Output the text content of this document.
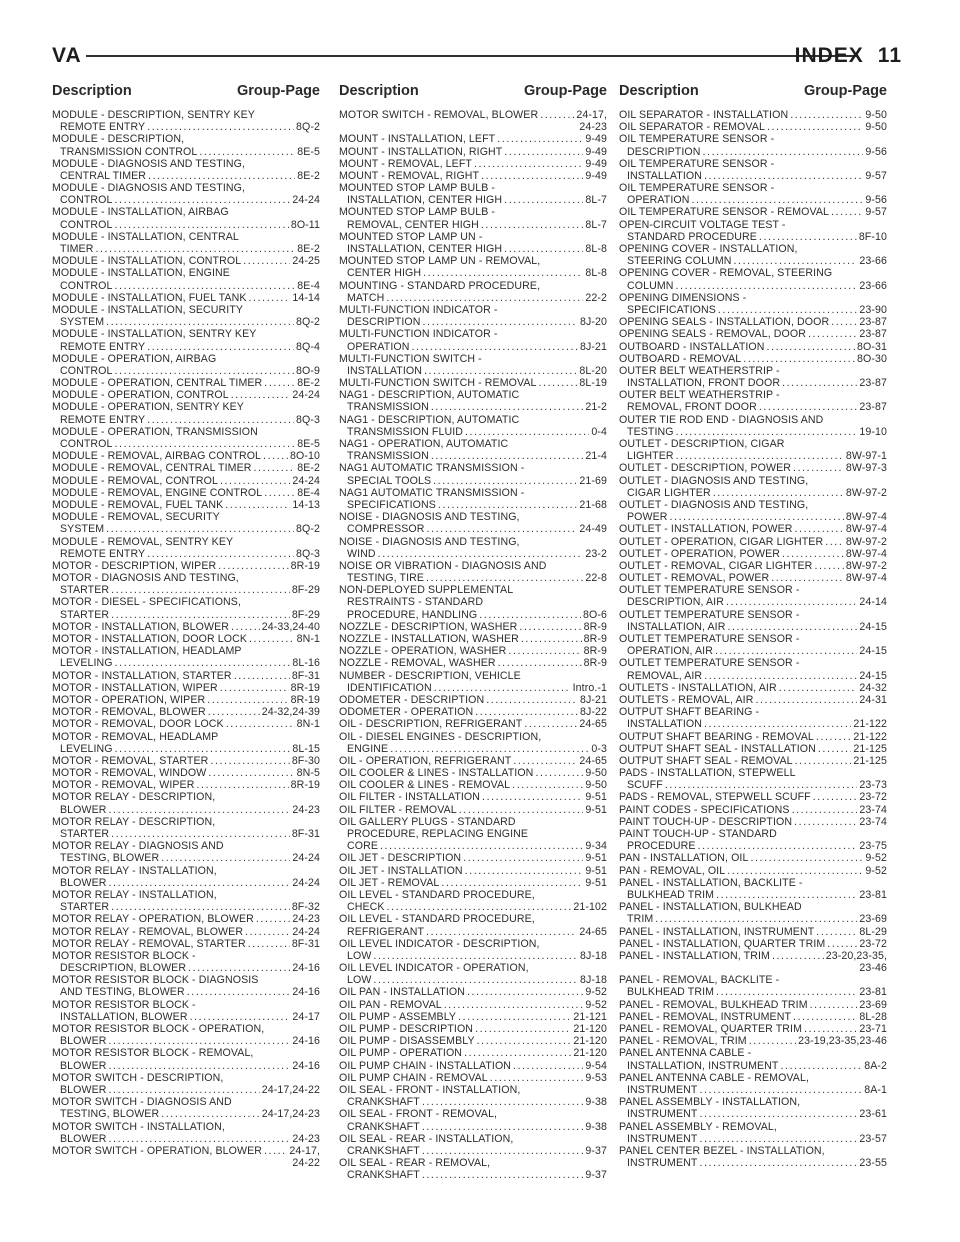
VA	INDEX 11
Description	Group-Page Description	Group-Page Description	Group-Page
MODULE - DESCRIPTION, SENTRY KEY
REMOTE ENTRY .....	8Q-2
MODULE - DESCRIPTION,
TRANSMISSION CONTROL .....	8E-5
MODULE - DIAGNOSIS AND TESTING,
CENTRAL TIMER .....	8E-2
MODULE - DIAGNOSIS AND TESTING,
CONTROL .....	24-24
MODULE - INSTALLATION, AIRBAG
CONTROL .....	8O-11
MODULE - INSTALLATION, CENTRAL
TIMER .....	8E-2
MODULE - INSTALLATION, CONTROL .....	24-25
MODULE - INSTALLATION, ENGINE
CONTROL .....	8E-4
MODULE - INSTALLATION, FUEL TANK .....	14-14
MODULE - INSTALLATION, SECURITY
SYSTEM .....	8Q-2
MODULE - INSTALLATION, SENTRY KEY
REMOTE ENTRY .....	8Q-4
MODULE - OPERATION, AIRBAG
CONTROL .....	8O-9
MODULE - OPERATION, CENTRAL TIMER .....	8E-2
MODULE - OPERATION, CONTROL .....	24-24
MODULE - OPERATION, SENTRY KEY
REMOTE ENTRY .....	8Q-3
MODULE - OPERATION, TRANSMISSION
CONTROL .....	8E-5
MODULE - REMOVAL, AIRBAG CONTROL .....	8O-10
MODULE - REMOVAL, CENTRAL TIMER .....	8E-2
MODULE - REMOVAL, CONTROL .....	24-24
MODULE - REMOVAL, ENGINE CONTROL .....	8E-4
MODULE - REMOVAL, FUEL TANK .....	14-13
MODULE - REMOVAL, SECURITY
SYSTEM .....	8Q-2
MODULE - REMOVAL, SENTRY KEY
REMOTE ENTRY .....	8Q-3
MOTOR - DESCRIPTION, WIPER .....	8R-19
MOTOR - DIAGNOSIS AND TESTING,
STARTER .....	8F-29
MOTOR - DIESEL - SPECIFICATIONS,
STARTER .....	8F-29
MOTOR - INSTALLATION, BLOWER .....	24-33,24-40
MOTOR - INSTALLATION, DOOR LOCK .....	8N-1
MOTOR - INSTALLATION, HEADLAMP
LEVELING .....	8L-16
MOTOR - INSTALLATION, STARTER .....	8F-31
MOTOR - INSTALLATION, WIPER .....	8R-19
MOTOR - OPERATION, WIPER .....	8R-19
MOTOR - REMOVAL, BLOWER .....	24-32,24-39
MOTOR - REMOVAL, DOOR LOCK .....	8N-1
MOTOR - REMOVAL, HEADLAMP
LEVELING .....	8L-15
MOTOR - REMOVAL, STARTER .....	8F-30
MOTOR - REMOVAL, WINDOW .....	8N-5
MOTOR - REMOVAL, WIPER .....	8R-19
MOTOR RELAY - DESCRIPTION,
BLOWER .....	24-23
MOTOR RELAY - DESCRIPTION,
STARTER .....	8F-31
MOTOR RELAY - DIAGNOSIS AND
TESTING, BLOWER .....	24-24
MOTOR RELAY - INSTALLATION,
BLOWER .....	24-24
MOTOR RELAY - INSTALLATION,
STARTER .....	8F-32
MOTOR RELAY - OPERATION, BLOWER .....	24-23
MOTOR RELAY - REMOVAL, BLOWER .....	24-24
MOTOR RELAY - REMOVAL, STARTER .....	8F-31
MOTOR RESISTOR BLOCK -
DESCRIPTION, BLOWER .....	24-16
MOTOR RESISTOR BLOCK - DIAGNOSIS
AND TESTING, BLOWER .....	24-16
MOTOR RESISTOR BLOCK -
INSTALLATION, BLOWER .....	24-17
MOTOR RESISTOR BLOCK - OPERATION,
BLOWER .....	24-16
MOTOR RESISTOR BLOCK - REMOVAL,
BLOWER .....	24-16
MOTOR SWITCH - DESCRIPTION,
BLOWER .....	24-17,24-22
MOTOR SWITCH - DIAGNOSIS AND
TESTING, BLOWER .....	24-17,24-23
MOTOR SWITCH - INSTALLATION,
BLOWER .....	24-23
MOTOR SWITCH - OPERATION, BLOWER .....	24-17,
24-22
MOTOR SWITCH - REMOVAL, BLOWER .....	24-17,
24-23
MOUNT - INSTALLATION, LEFT .....	9-49
MOUNT - INSTALLATION, RIGHT .....	9-49
MOUNT - REMOVAL, LEFT .....	9-49
MOUNT - REMOVAL, RIGHT .....	9-49
MOUNTED STOP LAMP BULB -
INSTALLATION, CENTER HIGH .....	8L-7
MOUNTED STOP LAMP BULB -
REMOVAL, CENTER HIGH .....	8L-7
MOUNTED STOP LAMP UN -
INSTALLATION, CENTER HIGH .....	8L-8
MOUNTED STOP LAMP UN - REMOVAL,
CENTER HIGH .....	8L-8
MOUNTING - STANDARD PROCEDURE,
MATCH .....	22-2
MULTI-FUNCTION INDICATOR -
DESCRIPTION .....	8J-20
MULTI-FUNCTION INDICATOR -
OPERATION .....	8J-21
MULTI-FUNCTION SWITCH -
INSTALLATION .....	8L-20
MULTI-FUNCTION SWITCH - REMOVAL .....	8L-19
NAG1 - DESCRIPTION, AUTOMATIC
TRANSMISSION .....	21-2
NAG1 - DESCRIPTION, AUTOMATIC
TRANSMISSION FLUID .....	0-4
NAG1 - OPERATION, AUTOMATIC
TRANSMISSION .....	21-4
NAG1 AUTOMATIC TRANSMISSION -
SPECIAL TOOLS .....	21-69
NAG1 AUTOMATIC TRANSMISSION -
SPECIFICATIONS .....	21-68
NOISE - DIAGNOSIS AND TESTING,
COMPRESSOR .....	24-49
NOISE - DIAGNOSIS AND TESTING,
WIND .....	23-2
NOISE OR VIBRATION - DIAGNOSIS AND
TESTING, TIRE .....	22-8
NON-DEPLOYED SUPPLEMENTAL
RESTRAINTS - STANDARD
PROCEDURE, HANDLING .....	8O-6
NOZZLE - DESCRIPTION, WASHER .....	8R-9
NOZZLE - INSTALLATION, WASHER .....	8R-9
NOZZLE - OPERATION, WASHER .....	8R-9
NOZZLE - REMOVAL, WASHER .....	8R-9
NUMBER - DESCRIPTION, VEHICLE
IDENTIFICATION .....	Intro.-1
ODOMETER - DESCRIPTION .....	8J-21
ODOMETER - OPERATION .....	8J-22
OIL - DESCRIPTION, REFRIGERANT .....	24-65
OIL - DIESEL ENGINES - DESCRIPTION,
ENGINE .....	0-3
OIL - OPERATION, REFRIGERANT .....	24-65
OIL COOLER & LINES - INSTALLATION .....	9-50
OIL COOLER & LINES - REMOVAL .....	9-50
OIL FILTER - INSTALLATION .....	9-51
OIL FILTER - REMOVAL .....	9-51
OIL GALLERY PLUGS - STANDARD
PROCEDURE, REPLACING ENGINE
CORE .....	9-34
OIL JET - DESCRIPTION .....	9-51
OIL JET - INSTALLATION .....	9-51
OIL JET - REMOVAL .....	9-51
OIL LEVEL - STANDARD PROCEDURE,
CHECK .....	21-102
OIL LEVEL - STANDARD PROCEDURE,
REFRIGERANT .....	24-65
OIL LEVEL INDICATOR - DESCRIPTION,
LOW .....	8J-18
OIL LEVEL INDICATOR - OPERATION,
LOW .....	8J-18
OIL PAN - INSTALLATION .....	9-52
OIL PAN - REMOVAL .....	9-52
OIL PUMP - ASSEMBLY .....	21-121
OIL PUMP - DESCRIPTION .....	21-120
OIL PUMP - DISASSEMBLY .....	21-120
OIL PUMP - OPERATION .....	21-120
OIL PUMP CHAIN - INSTALLATION .....	9-54
OIL PUMP CHAIN - REMOVAL .....	9-53
OIL SEAL - FRONT - INSTALLATION,
CRANKSHAFT .....	9-38
OIL SEAL - FRONT - REMOVAL,
CRANKSHAFT .....	9-38
OIL SEAL - REAR - INSTALLATION,
CRANKSHAFT .....	9-37
OIL SEAL - REAR - REMOVAL,
CRANKSHAFT .....	9-37
OIL SEPARATOR - INSTALLATION .....	9-50
OIL SEPARATOR - REMOVAL .....	9-50
OIL TEMPERATURE SENSOR -
DESCRIPTION .....	9-56
OIL TEMPERATURE SENSOR -
INSTALLATION .....	9-57
OIL TEMPERATURE SENSOR -
OPERATION .....	9-56
OIL TEMPERATURE SENSOR - REMOVAL .....	9-57
OPEN-CIRCUIT VOLTAGE TEST -
STANDARD PROCEDURE .....	8F-10
OPENING COVER - INSTALLATION,
STEERING COLUMN .....	23-66
OPENING COVER - REMOVAL, STEERING
COLUMN .....	23-66
OPENING DIMENSIONS -
SPECIFICATIONS .....	23-90
OPENING SEALS - INSTALLATION, DOOR .....	23-87
OPENING SEALS - REMOVAL, DOOR .....	23-87
OUTBOARD - INSTALLATION .....	8O-31
OUTBOARD - REMOVAL .....	8O-30
OUTER BELT WEATHERSTRIP -
INSTALLATION, FRONT DOOR .....	23-87
OUTER BELT WEATHERSTRIP -
REMOVAL, FRONT DOOR .....	23-87
OUTER TIE ROD END - DIAGNOSIS AND
TESTING .....	19-10
OUTLET - DESCRIPTION, CIGAR
LIGHTER .....	8W-97-1
OUTLET - DESCRIPTION, POWER .....	8W-97-3
OUTLET - DIAGNOSIS AND TESTING,
CIGAR LIGHTER .....	8W-97-2
OUTLET - DIAGNOSIS AND TESTING,
POWER .....	8W-97-4
OUTLET - INSTALLATION, POWER .....	8W-97-4
OUTLET - OPERATION, CIGAR LIGHTER ..... 8W-97-2
OUTLET - OPERATION, POWER .....	8W-97-4
OUTLET - REMOVAL, CIGAR LIGHTER .....	8W-97-2
OUTLET - REMOVAL, POWER .....	8W-97-4
OUTLET TEMPERATURE SENSOR -
DESCRIPTION, AIR .....	24-14
OUTLET TEMPERATURE SENSOR -
INSTALLATION, AIR .....	24-15
OUTLET TEMPERATURE SENSOR -
OPERATION, AIR .....	24-15
OUTLET TEMPERATURE SENSOR -
REMOVAL, AIR .....	24-15
OUTLETS - INSTALLATION, AIR .....	24-32
OUTLETS - REMOVAL, AIR .....	24-31
OUTPUT SHAFT BEARING -
INSTALLATION .....	21-122
OUTPUT SHAFT BEARING - REMOVAL .....	21-122
OUTPUT SHAFT SEAL - INSTALLATION .....	21-125
OUTPUT SHAFT SEAL - REMOVAL .....	21-125
PADS - INSTALLATION, STEPWELL
SCUFF .....	23-73
PADS - REMOVAL, STEPWELL SCUFF .....	23-72
PAINT CODES - SPECIFICATIONS .....	23-74
PAINT TOUCH-UP - DESCRIPTION .....	23-74
PAINT TOUCH-UP - STANDARD
PROCEDURE .....	23-75
PAN - INSTALLATION, OIL .....	9-52
PAN - REMOVAL, OIL .....	9-52
PANEL - INSTALLATION, BACKLITE -
BULKHEAD TRIM .....	23-81
PANEL - INSTALLATION, BULKHEAD
TRIM .....	23-69
PANEL - INSTALLATION, INSTRUMENT .....	8L-29
PANEL - INSTALLATION, QUARTER TRIM .....	23-72
PANEL - INSTALLATION, TRIM .....	23-20,23-35,
23-46
PANEL - REMOVAL, BACKLITE -
BULKHEAD TRIM .....	23-81
PANEL - REMOVAL, BULKHEAD TRIM .....	23-69
PANEL - REMOVAL, INSTRUMENT .....	8L-28
PANEL - REMOVAL, QUARTER TRIM .....	23-71
PANEL - REMOVAL, TRIM .....	23-19,23-35,23-46
PANEL ANTENNA CABLE -
INSTALLATION, INSTRUMENT .....	8A-2
PANEL ANTENNA CABLE - REMOVAL,
INSTRUMENT .....	8A-1
PANEL ASSEMBLY - INSTALLATION,
INSTRUMENT .....	23-61
PANEL ASSEMBLY - REMOVAL,
INSTRUMENT .....	23-57
PANEL CENTER BEZEL - INSTALLATION,
INSTRUMENT .....	23-55
